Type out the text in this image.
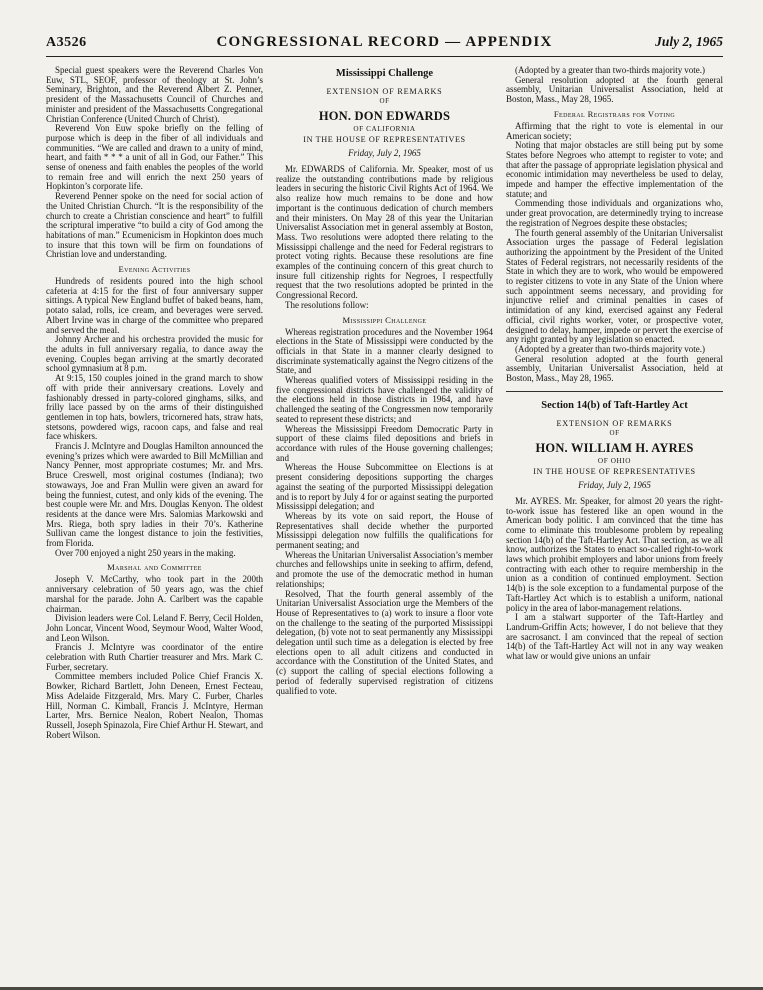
A3526	CONGRESSIONAL RECORD — APPENDIX	July 2, 1965

Special guest speakers were the Reverend Charles Von Euw, STL, SEOF, professor of theology at St. John’s Seminary, Brighton, and the Reverend Albert Z. Penner, president of the Massachusetts Council of Churches and minister and president of the Massachusetts Congregational Christian Conference (United Church of Christ).

Reverend Von Euw spoke briefly on the felling of purpose which is deep in the fiber of all individuals and communities. “We are called and drawn to a unity of mind, heart, and faith * * * a unit of all in God, our Father.” This sense of oneness and faith enables the peoples of the world to remain free and will enrich the next 250 years of Hopkinton’s corporate life.

Reverend Penner spoke on the need for social action of the United Christian Church. “It is the responsibility of the church to create a Christian conscience and heart” to fulfill the scriptural imperative “to build a city of God among the habitations of man.” Ecumenicism in Hopkinton does much to insure that this town will be firm on foundations of Christian love and understanding.

Evening Activities

Hundreds of residents poured into the high school cafeteria at 4:15 for the first of four anniversary supper sittings. A typical New England buffet of baked beans, ham, potato salad, rolls, ice cream, and beverages were served. Albert Irvine was in charge of the committee who prepared and served the meal.

Johnny Archer and his orchestra provided the music for the adults in full anniversary regalia, to dance away the evening. Couples began arriving at the smartly decorated school gymnasium at 8 p.m.

At 9:15, 150 couples joined in the grand march to show off with pride their anniversary creations. Lovely and fashionably dressed in party-colored ginghams, silks, and frilly lace passed by on the arms of their distinguished gentlemen in top hats, bowlers, tricornered hats, straw hats, stetsons, powdered wigs, racoon caps, and false and real face whiskers.

Francis J. McIntyre and Douglas Hamilton announced the evening’s prizes which were awarded to Bill McMillian and Nancy Penner, most appropriate costumes; Mr. and Mrs. Bruce Creswell, most original costumes (Indiana); two stowaways, Joe and Fran Mullin were given an award for being the funniest, cutest, and only kids of the evening. The best couple were Mr. and Mrs. Douglas Kenyon. The oldest residents at the dance were Mrs. Salomias Markowski and Mrs. Riega, both spry ladies in their 70’s. Katherine Sullivan came the longest distance to join the festivities, from Florida.

Over 700 enjoyed a night 250 years in the making.

Marshal and Committee

Joseph V. McCarthy, who took part in the 200th anniversary celebration of 50 years ago, was the chief marshal for the parade. John A. Carlbert was the capable chairman.

Division leaders were Col. Leland F. Berry, Cecil Holden, John Loncar, Vincent Wood, Seymour Wood, Walter Wood, and Leon Wilson.

Francis J. McIntyre was coordinator of the entire celebration with Ruth Chartier treasurer and Mrs. Mark C. Furber, secretary.

Committee members included Police Chief Francis X. Bowker, Richard Bartlett, John Deneen, Ernest Fecteau, Miss Adelaide Fitzgerald, Mrs. Mary C. Furber, Charles Hill, Norman C. Kimball, Francis J. McIntyre, Herman Larter, Mrs. Bernice Nealon, Robert Nealon, Thomas Russell, Joseph Spinazola, Fire Chief Arthur H. Stewart, and Robert Wilson.

Mississippi Challenge

EXTENSION OF REMARKS

OF

HON. DON EDWARDS

OF CALIFORNIA

IN THE HOUSE OF REPRESENTATIVES

Friday, July 2, 1965

Mr. EDWARDS of California. Mr. Speaker, most of us realize the outstanding contributions made by religious leaders in securing the historic Civil Rights Act of 1964. We also realize how much remains to be done and how important is the continuous dedication of church members and their ministers. On May 28 of this year the Unitarian Universalist Association met in general assembly at Boston, Mass. Two resolutions were adopted there relating to the Mississippi challenge and the need for Federal registrars to protect voting rights. Because these resolutions are fine examples of the continuing concern of this great church to insure full citizenship rights for Negroes, I respectfully request that the two resolutions adopted be printed in the Congressional Record.

The resolutions follow:

Mississippi Challenge

Whereas registration procedures and the November 1964 elections in the State of Mississippi were conducted by the officials in that State in a manner clearly designed to discriminate systematically against the Negro citizens of the State, and

Whereas qualified voters of Mississippi residing in the five congressional districts have challenged the validity of the elections held in those districts in 1964, and have challenged the seating of the Congressmen now temporarily seated to represent these districts; and

Whereas the Mississippi Freedom Democratic Party in support of these claims filed depositions and briefs in accordance with rules of the House governing challenges; and

Whereas the House Subcommittee on Elections is at present considering depositions supporting the charges against the seating of the purported Mississippi delegation and is to report by July 4 for or against seating the purported Mississippi delegation; and

Whereas by its vote on said report, the House of Representatives shall decide whether the purported Mississippi delegation now fulfills the qualifications for permanent seating; and

Whereas the Unitarian Universalist Association’s member churches and fellowships unite in seeking to affirm, defend, and promote the use of the democratic method in human relationships;

Resolved, That the fourth general assembly of the Unitarian Universalist Association urge the Members of the House of Representatives to (a) work to insure a floor vote on the challenge to the seating of the purported Mississippi delegation, (b) vote not to seat permanently any Mississippi delegation until such time as a delegation is elected by free elections open to all adult citizens and conducted in accordance with the Constitution of the United States, and (c) support the calling of special elections following a period of federally supervised registration of citizens qualified to vote.

(Adopted by a greater than two-thirds majority vote.)

General resolution adopted at the fourth general assembly, Unitarian Universalist Association, held at Boston, Mass., May 28, 1965.

Federal Registrars for Voting

Affirming that the right to vote is elemental in our American society;

Noting that major obstacles are still being put by some States before Negroes who attempt to register to vote; and that after the passage of appropriate legislation physical and economic intimidation may nevertheless be used to delay, impede and hamper the effective implementation of the statute; and

Commending those individuals and organizations who, under great provocation, are determinedly trying to increase the registration of Negroes despite these obstacles;

The fourth general assembly of the Unitarian Universalist Association urges the passage of Federal legislation authorizing the appointment by the President of the United States of Federal registrars, not necessarily residents of the State in which they are to work, who would be empowered to register citizens to vote in any State of the Union where such appointment seems necessary, and providing for injunctive relief and criminal penalties in cases of intimidation of any kind, exercised against any Federal official, civil rights worker, voter, or prospective voter, designed to delay, hamper, impede or pervert the exercise of any right granted by any legislation so enacted.

(Adopted by a greater than two-thirds majority vote.)

General resolution adopted at the fourth general assembly, Unitarian Universalist Association, held at Boston, Mass., May 28, 1965.

Section 14(b) of Taft-Hartley Act

EXTENSION OF REMARKS

OF

HON. WILLIAM H. AYRES

OF OHIO

IN THE HOUSE OF REPRESENTATIVES

Friday, July 2, 1965

Mr. AYRES. Mr. Speaker, for almost 20 years the right-to-work issue has festered like an open wound in the American body politic. I am convinced that the time has come to eliminate this troublesome problem by repealing section 14(b) of the Taft-Hartley Act. That section, as we all know, authorizes the States to enact so-called right-to-work laws which prohibit employers and labor unions from freely contracting with each other to require membership in the union as a condition of continued employment. Section 14(b) is the sole exception to a fundamental purpose of the Taft-Hartley Act which is to establish a uniform, national policy in the area of labor-management relations.

I am a stalwart supporter of the Taft-Hartley and Landrum-Griffin Acts; however, I do not believe that they are sacrosanct. I am convinced that the repeal of section 14(b) of the Taft-Hartley Act will not in any way weaken what law or would give unions an unfair
